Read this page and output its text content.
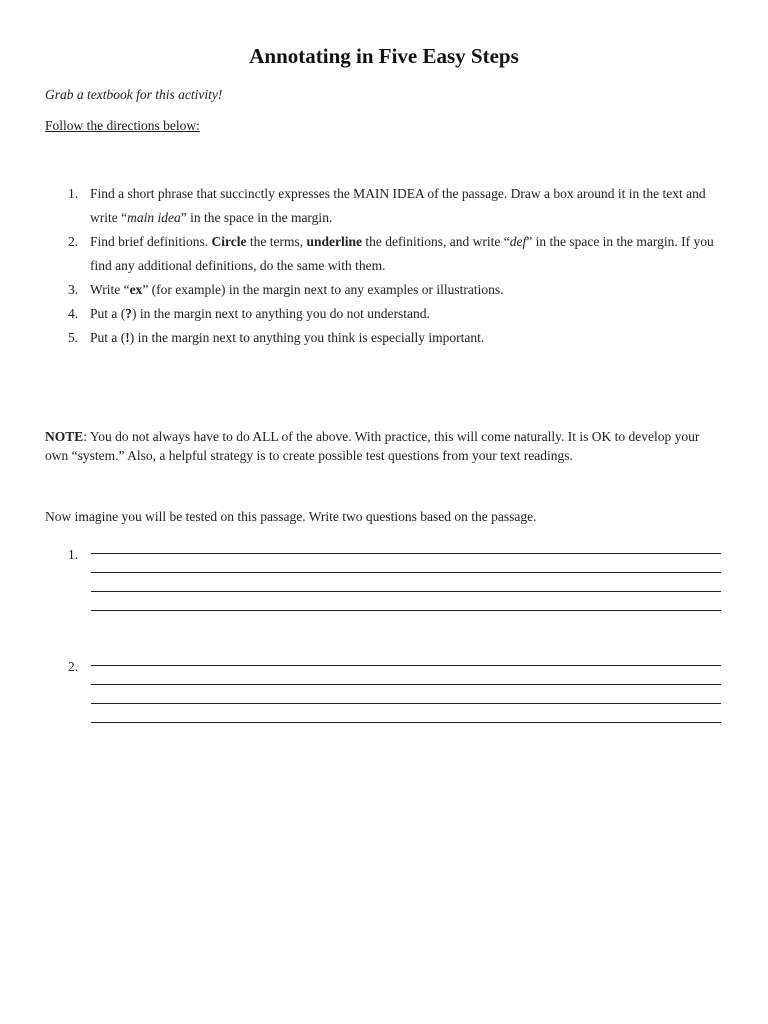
Annotating in Five Easy Steps
Grab a textbook for this activity!
Follow the directions below:
1. Find a short phrase that succinctly expresses the MAIN IDEA of the passage. Draw a box around it in the text and write “main idea” in the space in the margin.
2. Find brief definitions. Circle the terms, underline the definitions, and write “def” in the space in the margin. If you find any additional definitions, do the same with them.
3. Write “ex” (for example) in the margin next to any examples or illustrations.
4. Put a (?) in the margin next to anything you do not understand.
5. Put a (!) in the margin next to anything you think is especially important.
NOTE: You do not always have to do ALL of the above. With practice, this will come naturally. It is OK to develop your own “system.” Also, a helpful strategy is to create possible test questions from your text readings.
Now imagine you will be tested on this passage. Write two questions based on the passage.
1.
2.
